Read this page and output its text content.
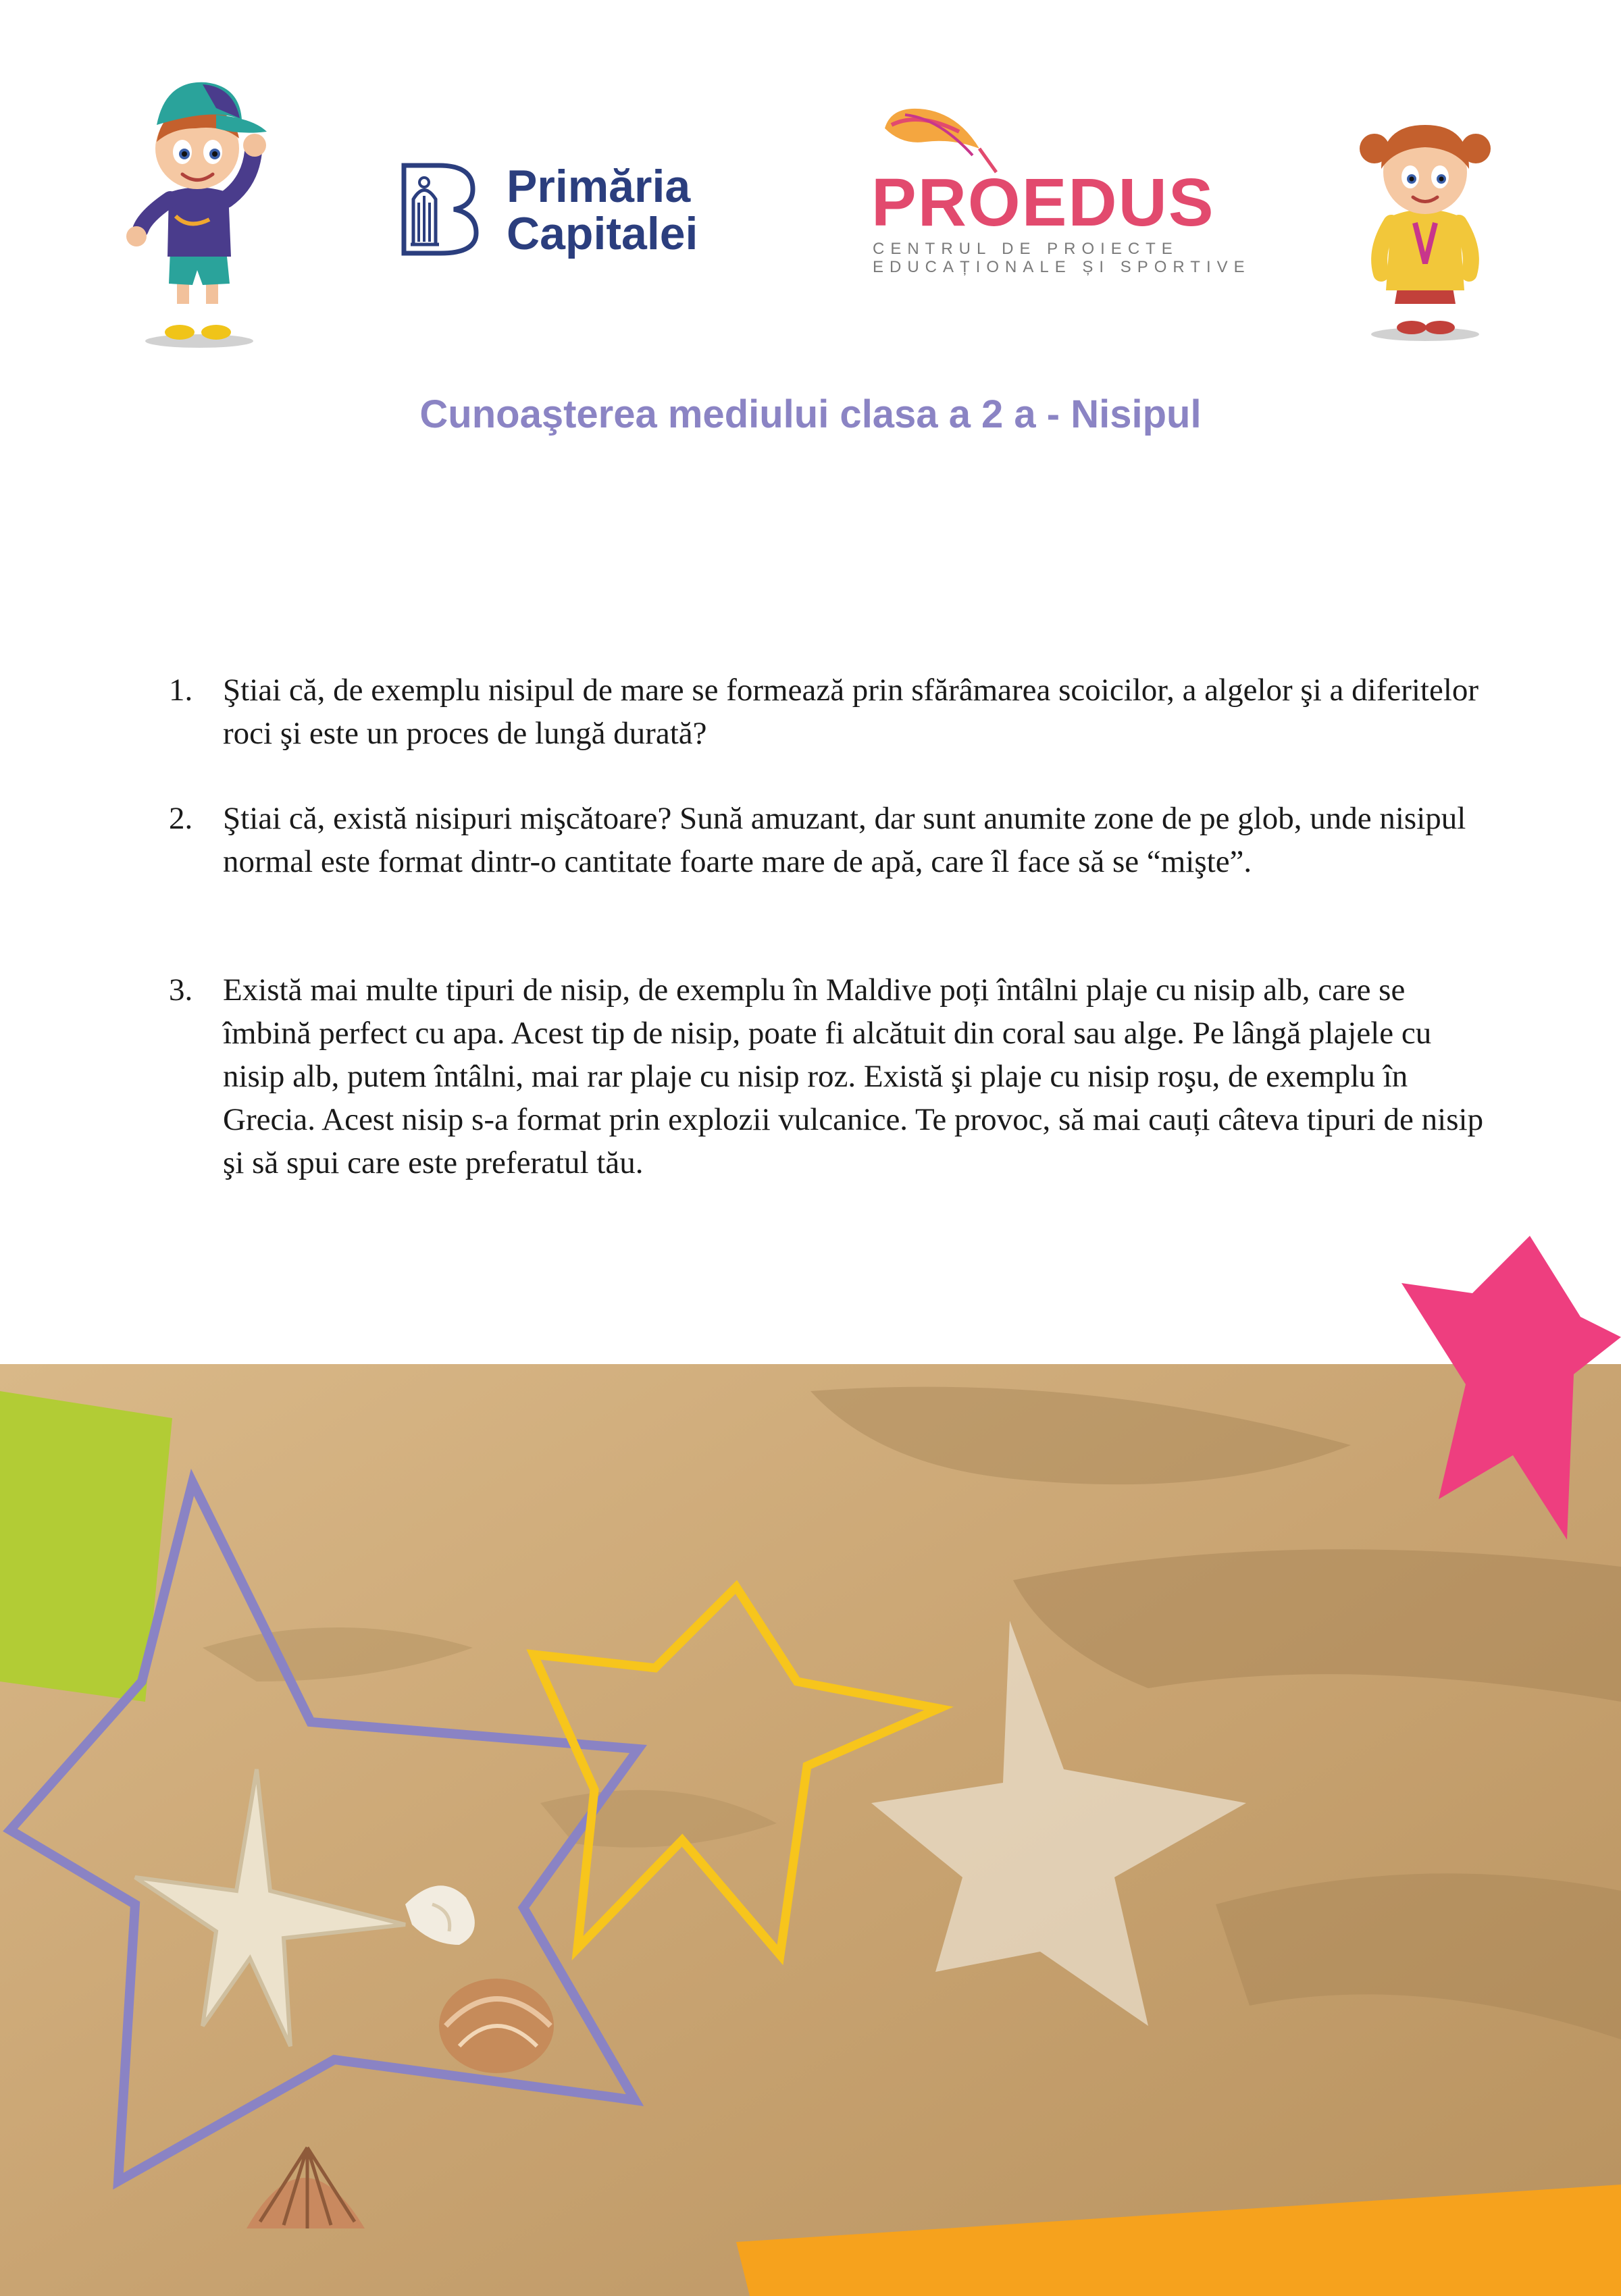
Primăria
Capitalei	PROEDUS
CENTRUL DE PROIECTE
EDUCAȚIONALE ȘI SPORTIVE
Cunoaşterea mediului clasa a 2 a - Nisipul
1. Ştiai că, de exemplu nisipul de mare se formează prin sfărâmarea scoicilor, a algelor şi a diferitelor roci şi este un proces de lungă durată?
2. Ştiai că, există nisipuri mişcătoare? Sună amuzant, dar sunt anumite zone de pe glob, unde nisipul normal este format dintr-o cantitate foarte mare de apă, care îl face să se “mişte”.
3. Există mai multe tipuri de nisip, de exemplu în Maldive poți întâlni plaje cu nisip alb, care se îmbină perfect cu apa. Acest tip de nisip, poate fi alcătuit din coral sau alge. Pe lângă plajele cu nisip alb, putem întâlni, mai rar plaje cu nisip roz. Există şi plaje cu nisip roşu, de exemplu în Grecia. Acest nisip s-a format prin explozii vulcanice. Te provoc, să mai cauți câteva tipuri de nisip şi să spui care este preferatul tău.
